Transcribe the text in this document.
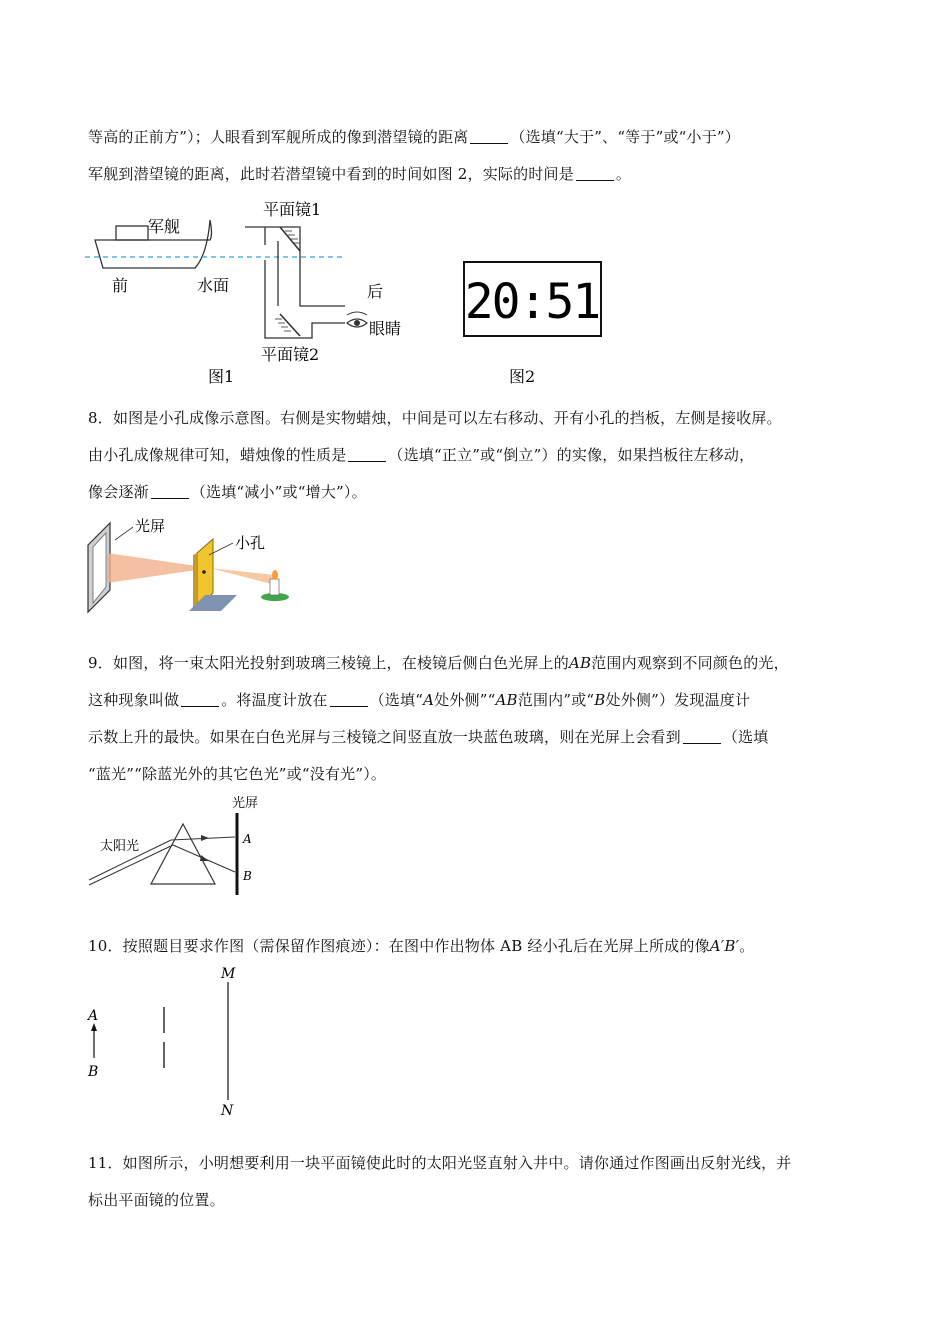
等高的正前方”）；人眼看到军舰所成的像到潜望镜的距离	（选填“大于”、“等于”或“小于”）
军舰到潜望镜的距离，此时若潜望镜中看到的时间如图 2，实际的时间是	。
军舰
前	水面
平面镜1
平面镜2
后
眼睛
图1
20:51
图2
8．如图是小孔成像示意图。右侧是实物蜡烛，中间是可以左右移动、开有小孔的挡板，左侧是接收屏。
由小孔成像规律可知，蜡烛像的性质是	（选填“正立”或“倒立”）的实像，如果挡板往左移动，
像会逐渐	（选填“减小”或“增大”）。
光屏
小孔
9．如图，将一束太阳光投射到玻璃三棱镜上，在棱镜后侧白色光屏上的AB范围内观察到不同颜色的光，
这种现象叫做	。将温度计放在	（选填“A处外侧”“AB范围内”或“B处外侧”）发现温度计
示数上升的最快。如果在白色光屏与三棱镜之间竖直放一块蓝色玻璃，则在光屏上会看到	（选填
“蓝光”“除蓝光外的其它色光”或“没有光”）。
光屏
太阳光	A
B
10．按照题目要求作图（需保留作图痕迹）：在图中作出物体 AB 经小孔后在光屏上所成的像A′B′。
M
N
A
B
11．如图所示，小明想要利用一块平面镜使此时的太阳光竖直射入井中。请你通过作图画出反射光线，并
标出平面镜的位置。
